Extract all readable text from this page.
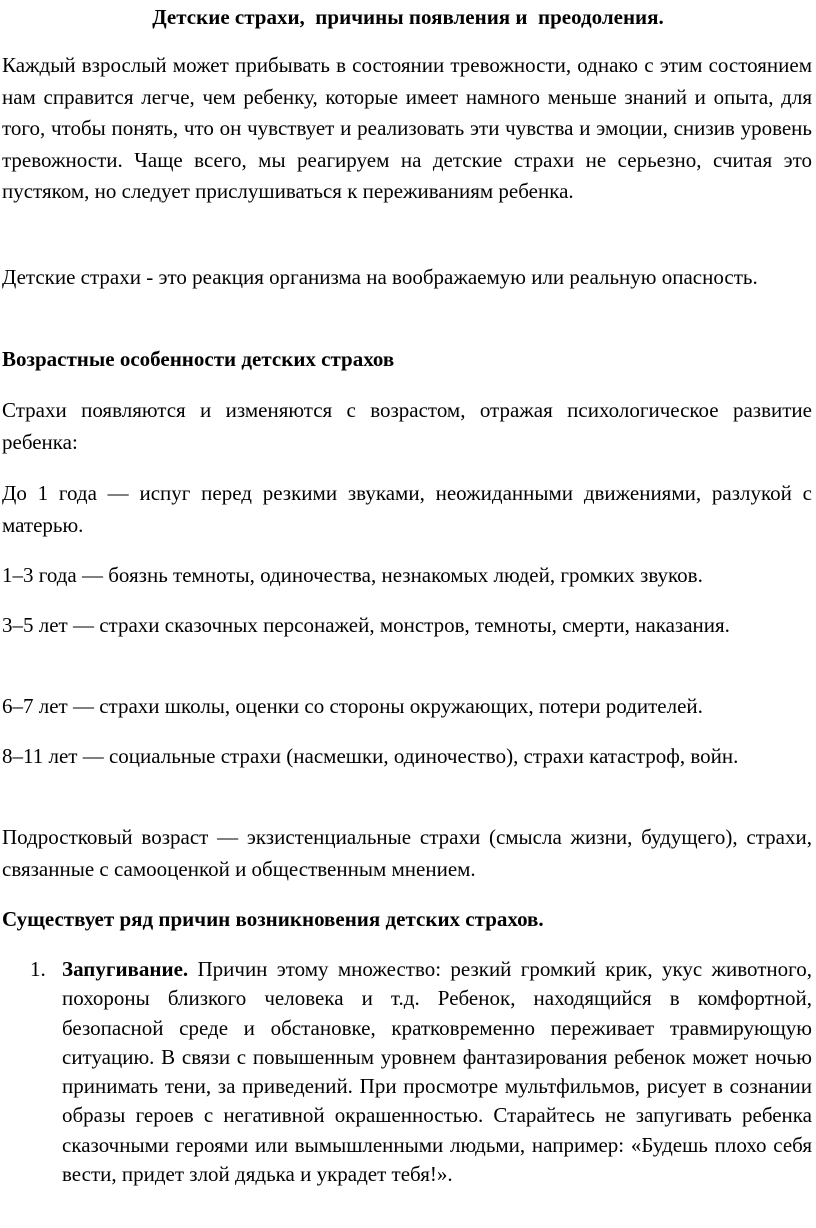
Детские страхи,  причины появления и  преодоления.
Каждый взрослый может прибывать в состоянии тревожности, однако с этим состоянием нам справится легче, чем ребенку, которые имеет намного меньше знаний и опыта, для того, чтобы понять, что он чувствует и реализовать эти чувства и эмоции, снизив уровень тревожности. Чаще всего, мы реагируем на детские страхи не серьезно, считая это пустяком, но следует прислушиваться к переживаниям ребенка.
Детские страхи - это реакция организма на воображаемую или реальную опасность.
Возрастные особенности детских страхов
Страхи появляются и изменяются с возрастом, отражая психологическое развитие ребенка:
До 1 года — испуг перед резкими звуками, неожиданными движениями, разлукой с матерью.
1–3 года — боязнь темноты, одиночества, незнакомых людей, громких звуков.
3–5 лет — страхи сказочных персонажей, монстров, темноты, смерти, наказания.
6–7 лет — страхи школы, оценки со стороны окружающих, потери родителей.
8–11 лет — социальные страхи (насмешки, одиночество), страхи катастроф, войн.
Подростковый возраст — экзистенциальные страхи (смысла жизни, будущего), страхи, связанные с самооценкой и общественным мнением.
Существует ряд причин возникновения детских страхов.
1. Запугивание. Причин этому множество: резкий громкий крик, укус животного, похороны близкого человека и т.д. Ребенок, находящийся в комфортной, безопасной среде и обстановке, кратковременно переживает травмирующую ситуацию. В связи с повышенным уровнем фантазирования ребенок может ночью принимать тени, за приведений. При просмотре мультфильмов, рисует в сознании образы героев с негативной окрашенностью. Старайтесь не запугивать ребенка сказочными героями или вымышленными людьми, например: «Будешь плохо себя вести, придет злой дядька и украдет тебя!».
